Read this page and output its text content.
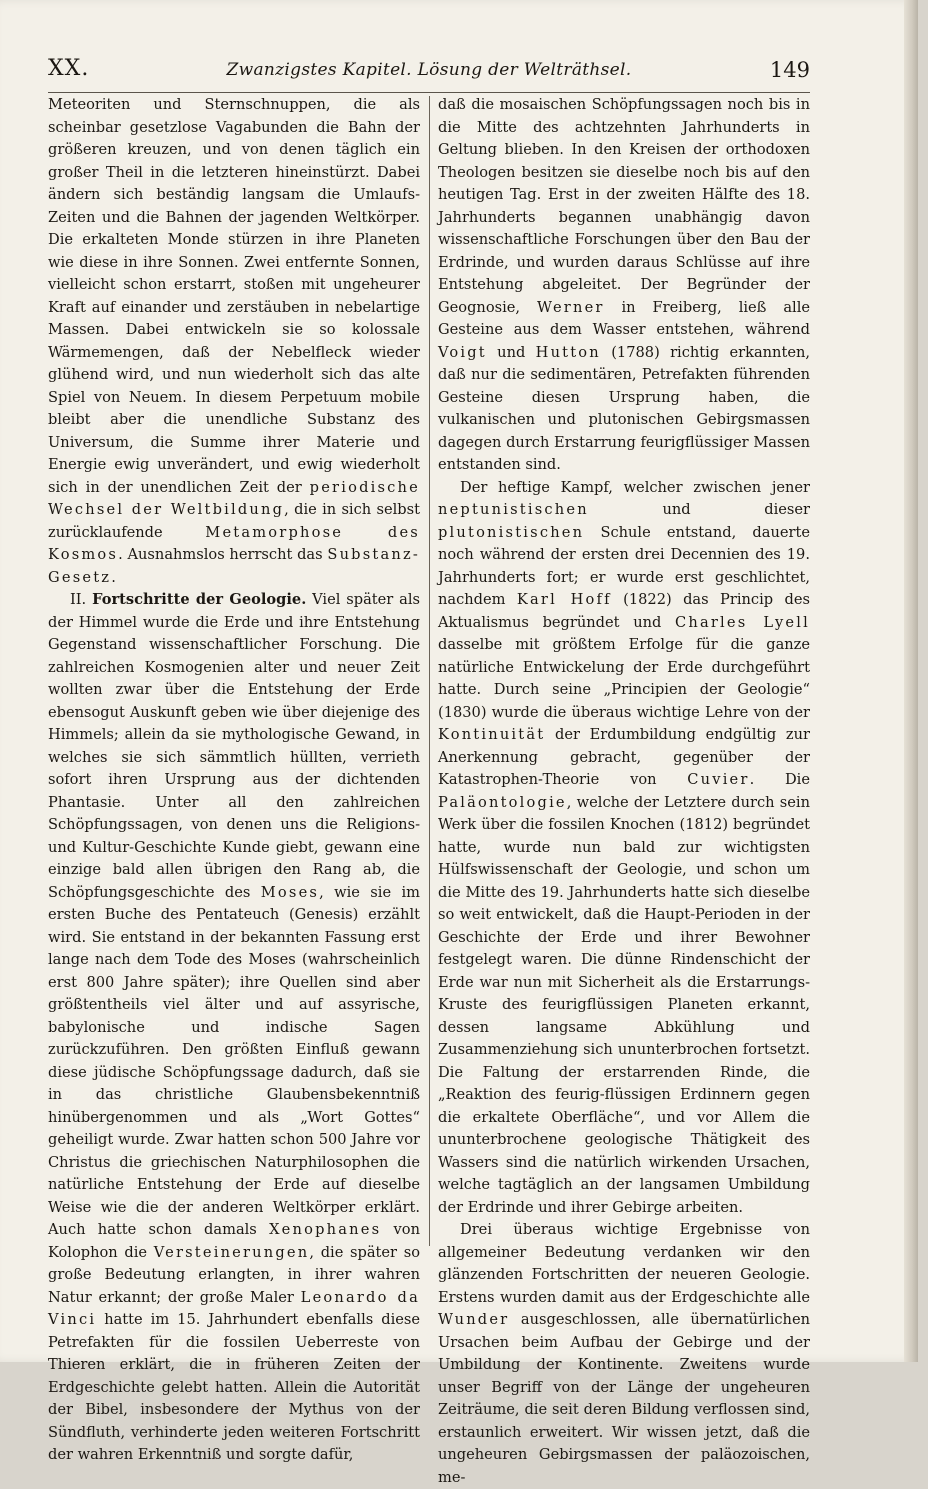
XX.	Zwanzigstes Kapitel. Lösung der Welträthsel.	149

Meteoriten und Sternschnuppen, die als scheinbar gesetzlose Vagabunden die Bahn der größeren kreuzen, und von denen täglich ein großer Theil in die letzteren hineinstürzt. Dabei ändern sich beständig langsam die Umlaufs-Zeiten und die Bahnen der jagenden Weltkörper. Die erkalteten Monde stürzen in ihre Planeten wie diese in ihre Sonnen. Zwei entfernte Sonnen, vielleicht schon erstarrt, stoßen mit ungeheurer Kraft auf einander und zerstäuben in nebelartige Massen. Dabei entwickeln sie so kolossale Wärmemengen, daß der Nebelfleck wieder glühend wird, und nun wiederholt sich das alte Spiel von Neuem. In diesem Perpetuum mobile bleibt aber die unendliche Substanz des Universum, die Summe ihrer Materie und Energie ewig unverändert, und ewig wiederholt sich in der unendlichen Zeit der periodische Wechsel der Weltbildung, die in sich selbst zurücklaufende Metamorphose des Kosmos. Ausnahmslos herrscht das Substanz-Gesetz.

II. Fortschritte der Geologie. Viel später als der Himmel wurde die Erde und ihre Entstehung Gegenstand wissenschaftlicher Forschung. Die zahlreichen Kosmogenien alter und neuer Zeit wollten zwar über die Entstehung der Erde ebensogut Auskunft geben wie über diejenige des Himmels; allein da sie mythologische Gewand, in welches sie sich sämmtlich hüllten, verrieth sofort ihren Ursprung aus der dichtenden Phantasie. Unter all den zahlreichen Schöpfungssagen, von denen uns die Religions- und Kultur-Geschichte Kunde giebt, gewann eine einzige bald allen übrigen den Rang ab, die Schöpfungsgeschichte des Moses, wie sie im ersten Buche des Pentateuch (Genesis) erzählt wird. Sie entstand in der bekannten Fassung erst lange nach dem Tode des Moses (wahrscheinlich erst 800 Jahre später); ihre Quellen sind aber größtentheils viel älter und auf assyrische, babylonische und indische Sagen zurückzuführen. Den größten Einfluß gewann diese jüdische Schöpfungssage dadurch, daß sie in das christliche Glaubensbekenntniß hinübergenommen und als „Wort Gottes“ geheiligt wurde. Zwar hatten schon 500 Jahre vor Christus die griechischen Naturphilosophen die natürliche Entstehung der Erde auf dieselbe Weise wie die der anderen Weltkörper erklärt. Auch hatte schon damals Xenophanes von Kolophon die Versteinerungen, die später so große Bedeutung erlangten, in ihrer wahren Natur erkannt; der große Maler Leonardo da Vinci hatte im 15. Jahrhundert ebenfalls diese Petrefakten für die fossilen Ueberreste von Thieren erklärt, die in früheren Zeiten der Erdgeschichte gelebt hatten. Allein die Autorität der Bibel, insbesondere der Mythus von der Sündfluth, verhinderte jeden weiteren Fortschritt der wahren Erkenntniß und sorgte dafür,

daß die mosaischen Schöpfungssagen noch bis in die Mitte des achtzehnten Jahrhunderts in Geltung blieben. In den Kreisen der orthodoxen Theologen besitzen sie dieselbe noch bis auf den heutigen Tag. Erst in der zweiten Hälfte des 18. Jahrhunderts begannen unabhängig davon wissenschaftliche Forschungen über den Bau der Erdrinde, und wurden daraus Schlüsse auf ihre Entstehung abgeleitet. Der Begründer der Geognosie, Werner in Freiberg, ließ alle Gesteine aus dem Wasser entstehen, während Voigt und Hutton (1788) richtig erkannten, daß nur die sedimentären, Petrefakten führenden Gesteine diesen Ursprung haben, die vulkanischen und plutonischen Gebirgsmassen dagegen durch Erstarrung feurigflüssiger Massen entstanden sind.

Der heftige Kampf, welcher zwischen jener neptunistischen und dieser plutonistischen Schule entstand, dauerte noch während der ersten drei Decennien des 19. Jahrhunderts fort; er wurde erst geschlichtet, nachdem Karl Hoff (1822) das Princip des Aktualismus begründet und Charles Lyell dasselbe mit größtem Erfolge für die ganze natürliche Entwickelung der Erde durchgeführt hatte. Durch seine „Principien der Geologie“ (1830) wurde die überaus wichtige Lehre von der Kontinuität der Erdumbildung endgültig zur Anerkennung gebracht, gegenüber der Katastrophen-Theorie von Cuvier. Die Paläontologie, welche der Letztere durch sein Werk über die fossilen Knochen (1812) begründet hatte, wurde nun bald zur wichtigsten Hülfswissenschaft der Geologie, und schon um die Mitte des 19. Jahrhunderts hatte sich dieselbe so weit entwickelt, daß die Haupt-Perioden in der Geschichte der Erde und ihrer Bewohner festgelegt waren. Die dünne Rindenschicht der Erde war nun mit Sicherheit als die Erstarrungs-Kruste des feurigflüssigen Planeten erkannt, dessen langsame Abkühlung und Zusammenziehung sich ununterbrochen fortsetzt. Die Faltung der erstarrenden Rinde, die „Reaktion des feurig-flüssigen Erdinnern gegen die erkaltete Oberfläche“, und vor Allem die ununterbrochene geologische Thätigkeit des Wassers sind die natürlich wirkenden Ursachen, welche tagtäglich an der langsamen Umbildung der Erdrinde und ihrer Gebirge arbeiten.

Drei überaus wichtige Ergebnisse von allgemeiner Bedeutung verdanken wir den glänzenden Fortschritten der neueren Geologie. Erstens wurden damit aus der Erdgeschichte alle Wunder ausgeschlossen, alle übernatürlichen Ursachen beim Aufbau der Gebirge und der Umbildung der Kontinente. Zweitens wurde unser Begriff von der Länge der ungeheuren Zeiträume, die seit deren Bildung verflossen sind, erstaunlich erweitert. Wir wissen jetzt, daß die ungeheuren Gebirgsmassen der paläozoischen, me-
